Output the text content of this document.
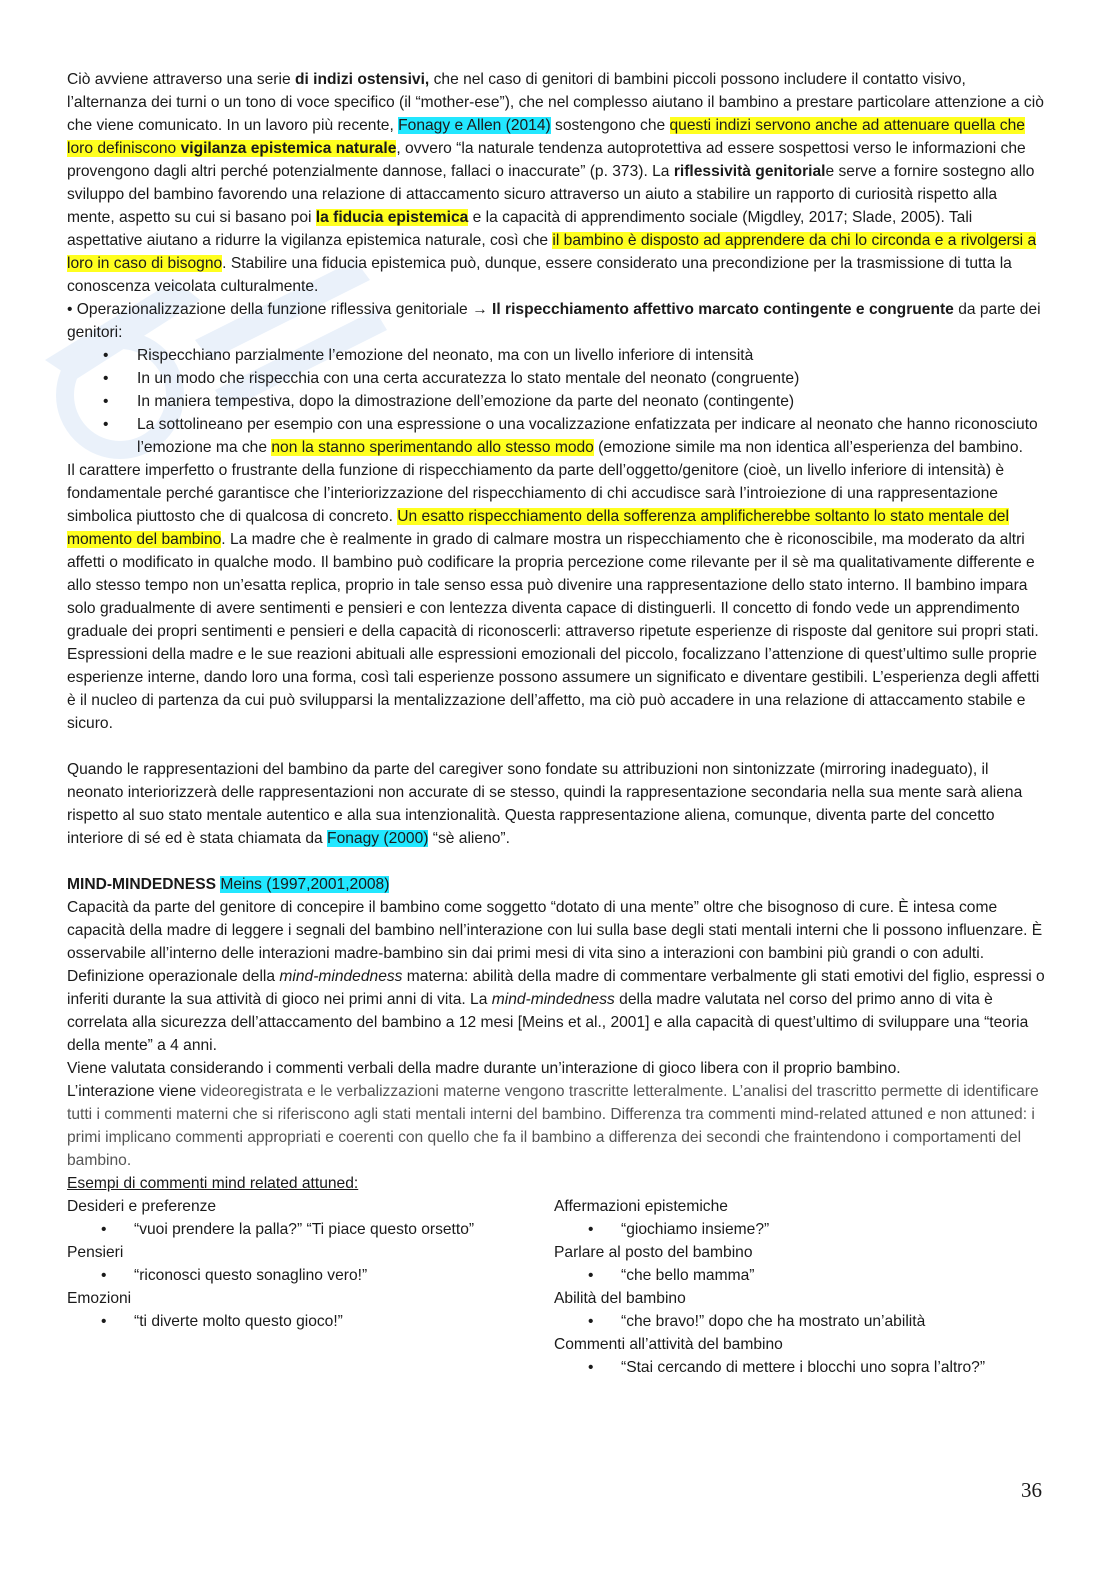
Ciò avviene attraverso una serie di indizi ostensivi, che nel caso di genitori di bambini piccoli possono includere il contatto visivo, l’alternanza dei turni o un tono di voce specifico (il “mother-ese”), che nel complesso aiutano il bambino a prestare particolare attenzione a ciò che viene comunicato. In un lavoro più recente, Fonagy e Allen (2014) sostengono che questi indizi servono anche ad attenuare quella che loro definiscono vigilanza epistemica naturale, ovvero “la naturale tendenza autoprotettiva ad essere sospettosi verso le informazioni che provengono dagli altri perché potenzialmente dannose, fallaci o inaccurate” (p. 373). La riflessività genitoriale serve a fornire sostegno allo sviluppo del bambino favorendo una relazione di attaccamento sicuro attraverso un aiuto a stabilire un rapporto di curiosità rispetto alla mente, aspetto su cui si basano poi la fiducia epistemica e la capacità di apprendimento sociale (Migdley, 2017; Slade, 2005). Tali aspettative aiutano a ridurre la vigilanza epistemica naturale, così che il bambino è disposto ad apprendere da chi lo circonda e a rivolgersi a loro in caso di bisogno. Stabilire una fiducia epistemica può, dunque, essere considerato una precondizione per la trasmissione di tutta la conoscenza veicolata culturalmente.

• Operazionalizzazione della funzione riflessiva genitoriale → Il rispecchiamento affettivo marcato contingente e congruente da parte dei genitori:

• Rispecchiano parzialmente l’emozione del neonato, ma con un livello inferiore di intensità
• In un modo che rispecchia con una certa accuratezza lo stato mentale del neonato (congruente)
• In maniera tempestiva, dopo la dimostrazione dell’emozione da parte del neonato (contingente)
• La sottolineano per esempio con una espressione o una vocalizzazione enfatizzata per indicare al neonato che hanno riconosciuto l’emozione ma che non la stanno sperimentando allo stesso modo (emozione simile ma non identica all’esperienza del bambino.

Il carattere imperfetto o frustrante della funzione di rispecchiamento da parte dell’oggetto/genitore (cioè, un livello inferiore di intensità) è fondamentale perché garantisce che l’interiorizzazione del rispecchiamento di chi accudisce sarà l’introiezione di una rappresentazione simbolica piuttosto che di qualcosa di concreto. Un esatto rispecchiamento della sofferenza amplificherebbe soltanto lo stato mentale del momento del bambino. La madre che è realmente in grado di calmare mostra un rispecchiamento che è riconoscibile, ma moderato da altri affetti o modificato in qualche modo. Il bambino può codificare la propria percezione come rilevante per il sè ma qualitativamente differente e allo stesso tempo non un’esatta replica, proprio in tale senso essa può divenire una rappresentazione dello stato interno. Il bambino impara solo gradualmente di avere sentimenti e pensieri e con lentezza diventa capace di distinguerli. Il concetto di fondo vede un apprendimento graduale dei propri sentimenti e pensieri e della capacità di riconoscerli: attraverso ripetute esperienze di risposte dal genitore sui propri stati. Espressioni della madre e le sue reazioni abituali alle espressioni emozionali del piccolo, focalizzano l’attenzione di quest’ultimo sulle proprie esperienze interne, dando loro una forma, così tali esperienze possono assumere un significato e diventare gestibili. L’esperienza degli affetti è il nucleo di partenza da cui può svilupparsi la mentalizzazione dell’affetto, ma ciò può accadere in una relazione di attaccamento stabile e sicuro.

Quando le rappresentazioni del bambino da parte del caregiver sono fondate su attribuzioni non sintonizzate (mirroring inadeguato), il neonato interiorizzerà delle rappresentazioni non accurate di se stesso, quindi la rappresentazione secondaria nella sua mente sarà aliena rispetto al suo stato mentale autentico e alla sua intenzionalità. Questa rappresentazione aliena, comunque, diventa parte del concetto interiore di sé ed è stata chiamata da Fonagy (2000) “sè alieno”.

MIND-MINDEDNESS Meins (1997,2001,2008)

Capacità da parte del genitore di concepire il bambino come soggetto “dotato di una mente” oltre che bisognoso di cure. È intesa come capacità della madre di leggere i segnali del bambino nell’interazione con lui sulla base degli stati mentali interni che li possono influenzare. È osservabile all’interno delle interazioni madre-bambino sin dai primi mesi di vita sino a interazioni con bambini più grandi o con adulti.

Definizione operazionale della mind-mindedness materna: abilità della madre di commentare verbalmente gli stati emotivi del figlio, espressi o inferiti durante la sua attività di gioco nei primi anni di vita. La mind-mindedness della madre valutata nel corso del primo anno di vita è correlata alla sicurezza dell’attaccamento del bambino a 12 mesi [Meins et al., 2001] e alla capacità di quest’ultimo di sviluppare una “teoria della mente” a 4 anni.

Viene valutata considerando i commenti verbali della madre durante un’interazione di gioco libera con il proprio bambino.

L’interazione viene videoregistrata e le verbalizzazioni materne vengono trascritte letteralmente. L’analisi del trascritto permette di identificare tutti i commenti materni che si riferiscono agli stati mentali interni del bambino. Differenza tra commenti mind-related attuned e non attuned: i primi implicano commenti appropriati e coerenti con quello che fa il bambino a differenza dei secondi che fraintendono i comportamenti del bambino.

Esempi di commenti mind related attuned:

Desideri e preferenze

• “vuoi prendere la palla?” “Ti piace questo orsetto”

Pensieri

• “riconosci questo sonaglino vero!”

Emozioni

• “ti diverte molto questo gioco!”

Affermazioni epistemiche

• “giochiamo insieme?”

Parlare al posto del bambino

• “che bello mamma”

Abilità del bambino

• “che bravo!” dopo che ha mostrato un’abilità

Commenti all’attività del bambino

• “Stai cercando di mettere i blocchi uno sopra l’altro?”
36
